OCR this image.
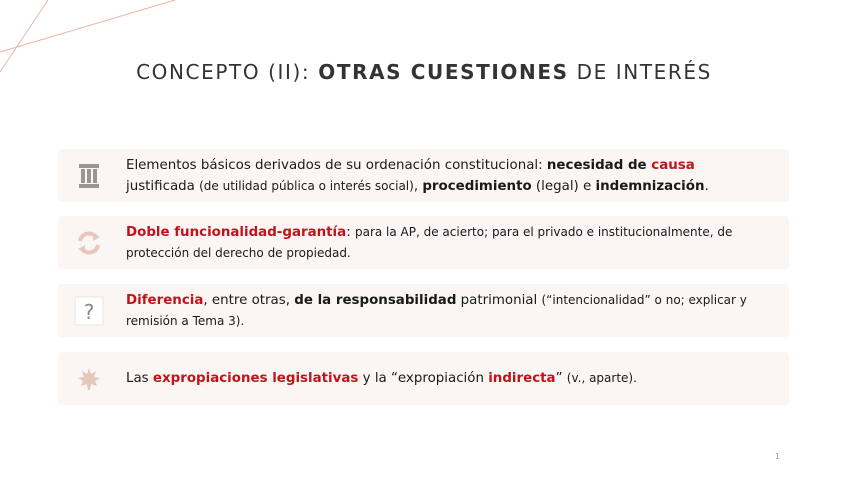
CONCEPTO (II): OTRAS CUESTIONES DE INTERÉS
Elementos básicos derivados de su ordenación constitucional: necesidad de causa
justificada (de utilidad pública o interés social), procedimiento (legal) e indemnización.
Doble funcionalidad-garantía: para la AP, de acierto; para el privado e institucionalmente, de protección del derecho de propiedad.
? Diferencia, entre otras, de la responsabilidad patrimonial (“intencionalidad” o no; explicar y remisión a Tema 3).
Las expropiaciones legislativas y la “expropiación indirecta” (v., aparte).
1
